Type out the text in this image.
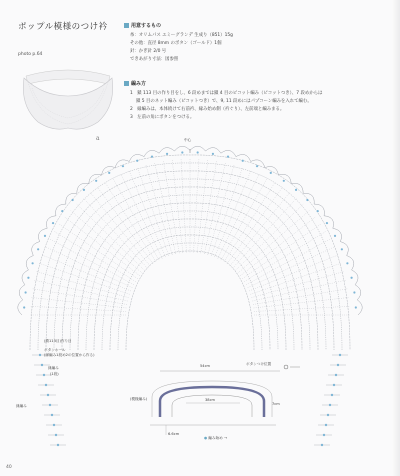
ポップル模様のつけ衿
photo p.64
a
用意するもの
糸：オリムパス エミーグランデ 生成り（851）15g
その他：直径 8mm のボタン（ゴールド）1個
針：かぎ針 2/0 号
できあがり寸法：図参照
編み方
1　鎖 113 目の作り目をし、6 段めまでは鎖 4 目のピコット編み（ピコットつき）、7 段めからは
鎖 5 目のネット編み（ピコットつき）で、9, 11 段めにはパプコーン編みを入れて編む。
2　縁編みは、本体続けて右前衿、縁み始め側（衿ぐり）、左前端と編みまる。
3　左前の角にボタンをつける。
中心
(鎖113目)作り目
ボタンホール
(縁編み1段め2の位置から作る)
縁編み
(1段)
縁編み
ボタンつけ位置
54cm
(模様編み)	38cm
7cm
6.6cm
● 編み始め →
40
